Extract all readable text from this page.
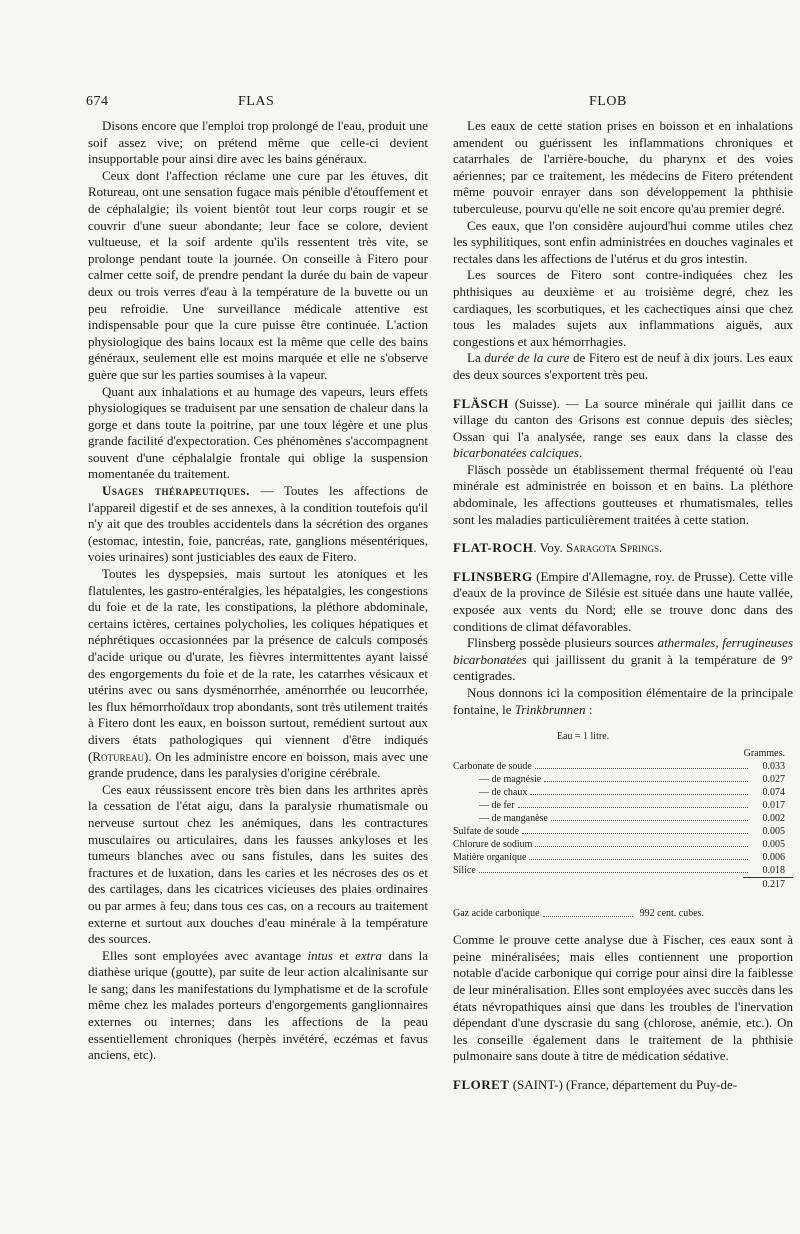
674	FLAS	FLOB

Disons encore que l'emploi trop prolongé de l'eau, produit une soif assez vive; on prétend même que celle-ci devient insupportable pour ainsi dire avec les bains généraux.

Ceux dont l'affection réclame une cure par les étuves, dit Rotureau, ont une sensation fugace mais pénible d'étouffement et de céphalalgie; ils voient bientôt tout leur corps rougir et se couvrir d'une sueur abondante; leur face se colore, devient vultueuse, et la soif ardente qu'ils ressentent très vite, se prolonge pendant toute la journée. On conseille à Fitero pour calmer cette soif, de prendre pendant la durée du bain de vapeur deux ou trois verres d'eau à la température de la buvette ou un peu refroidie. Une surveillance médicale attentive est indispensable pour que la cure puisse être continuée. L'action physiologique des bains locaux est la même que celle des bains généraux, seulement elle est moins marquée et elle ne s'observe guère que sur les parties soumises à la vapeur.

Quant aux inhalations et au humage des vapeurs, leurs effets physiologiques se traduisent par une sensation de chaleur dans la gorge et dans toute la poitrine, par une toux légère et une plus grande facilité d'expectoration. Ces phénomènes s'accompagnent souvent d'une céphalalgie frontale qui oblige la suspension momentanée du traitement.

Usages thérapeutiques. — Toutes les affections de l'appareil digestif et de ses annexes, à la condition toutefois qu'il n'y ait que des troubles accidentels dans la sécrétion des organes (estomac, intestin, foie, pancréas, rate, ganglions mésentériques, voies urinaires) sont justiciables des eaux de Fitero.

Toutes les dyspepsies, mais surtout les atoniques et les flatulentes, les gastro-entéralgies, les hépatalgies, les congestions du foie et de la rate, les constipations, la pléthore abdominale, certains ictères, certaines polycholies, les coliques hépatiques et néphrétiques occasionnées par la présence de calculs composés d'acide urique ou d'urate, les fièvres intermittentes ayant laissé des engorgements du foie et de la rate, les catarrhes vésicaux et utérins avec ou sans dysménorrhée, aménorrhée ou leucorrhée, les flux hémorrhoïdaux trop abondants, sont très utilement traités à Fitero dont les eaux, en boisson surtout, remédient surtout aux divers états pathologiques qui viennent d'être indiqués (Rotureau). On les administre encore en boisson, mais avec une grande prudence, dans les paralysies d'origine cérébrale.

Ces eaux réussissent encore très bien dans les arthrites après la cessation de l'état aigu, dans la paralysie rhumatismale ou nerveuse surtout chez les anémiques, dans les contractures musculaires ou articulaires, dans les fausses ankyloses et les tumeurs blanches avec ou sans fistules, dans les suites des fractures et de luxation, dans les caries et les nécroses des os et des cartilages, dans les cicatrices vicieuses des plaies ordinaires ou par armes à feu; dans tous ces cas, on a recours au traitement externe et surtout aux douches d'eau minérale à la température des sources.

Elles sont employées avec avantage intus et extra dans la diathèse urique (goutte), par suite de leur action alcalinisante sur le sang; dans les manifestations du lymphatisme et de la scrofule même chez les malades porteurs d'engorgements ganglionnaires externes ou internes; dans les affections de la peau essentiellement chroniques (herpès invétéré, eczémas et favus anciens, etc).

Les eaux de cette station prises en boisson et en inhalations amendent ou guérissent les inflammations chroniques et catarrhales de l'arrière-bouche, du pharynx et des voies aériennes; par ce traitement, les médecins de Fitero prétendent même pouvoir enrayer dans son développement la phthisie tuberculeuse, pourvu qu'elle ne soit encore qu'au premier degré.

Ces eaux, que l'on considère aujourd'hui comme utiles chez les syphilitiques, sont enfin administrées en douches vaginales et rectales dans les affections de l'utérus et du gros intestin.

Les sources de Fitero sont contre-indiquées chez les phthisiques au deuxième et au troisième degré, chez les cardiaques, les scorbutiques, et les cachectiques ainsi que chez tous les malades sujets aux inflammations aiguës, aux congestions et aux hémorrhagies.

La durée de la cure de Fitero est de neuf à dix jours. Les eaux des deux sources s'exportent très peu.

FLÄSCH (Suisse). — La source minérale qui jaillit dans ce village du canton des Grisons est connue depuis des siècles; Ossan qui l'a analysée, range ses eaux dans la classe des bicarbonatées calciques.

Fläsch possède un établissement thermal fréquenté où l'eau minérale est administrée en boisson et en bains. La pléthore abdominale, les affections goutteuses et rhumatismales, telles sont les maladies particulièrement traitées à cette station.

FLAT-ROCH. Voy. Saragota Springs.

FLINSBERG (Empire d'Allemagne, roy. de Prusse). Cette ville d'eaux de la province de Silésie est située dans une haute vallée, exposée aux vents du Nord; elle se trouve donc dans des conditions de climat défavorables.

Flinsberg possède plusieurs sources athermales, ferrugineuses bicarbonatées qui jaillissent du granit à la température de 9° centigrades.

Nous donnons ici la composition élémentaire de la principale fontaine, le Trinkbrunnen :

Eau = 1 litre.
Grammes.
Carbonate de soude	0.033
— de magnésie	0.027
— de chaux	0.074
— de fer	0.017
— de manganèse	0.002
Sulfate de soude	0.005
Chlorure de sodium	0.005
Matière organique	0.006
Silice	0.018
0.217
Gaz acide carbonique	992 cent. cubes.

Comme le prouve cette analyse due à Fischer, ces eaux sont à peine minéralisées; mais elles contiennent une proportion notable d'acide carbonique qui corrige pour ainsi dire la faiblesse de leur minéralisation. Elles sont employées avec succès dans les états névropathiques ainsi que dans les troubles de l'inervation dépendant d'une dyscrasie du sang (chlorose, anémie, etc.). On les conseille également dans le traitement de la phthisie pulmonaire sans doute à titre de médication sédative.

FLORET (SAINT-) (France, département du Puy-de-
